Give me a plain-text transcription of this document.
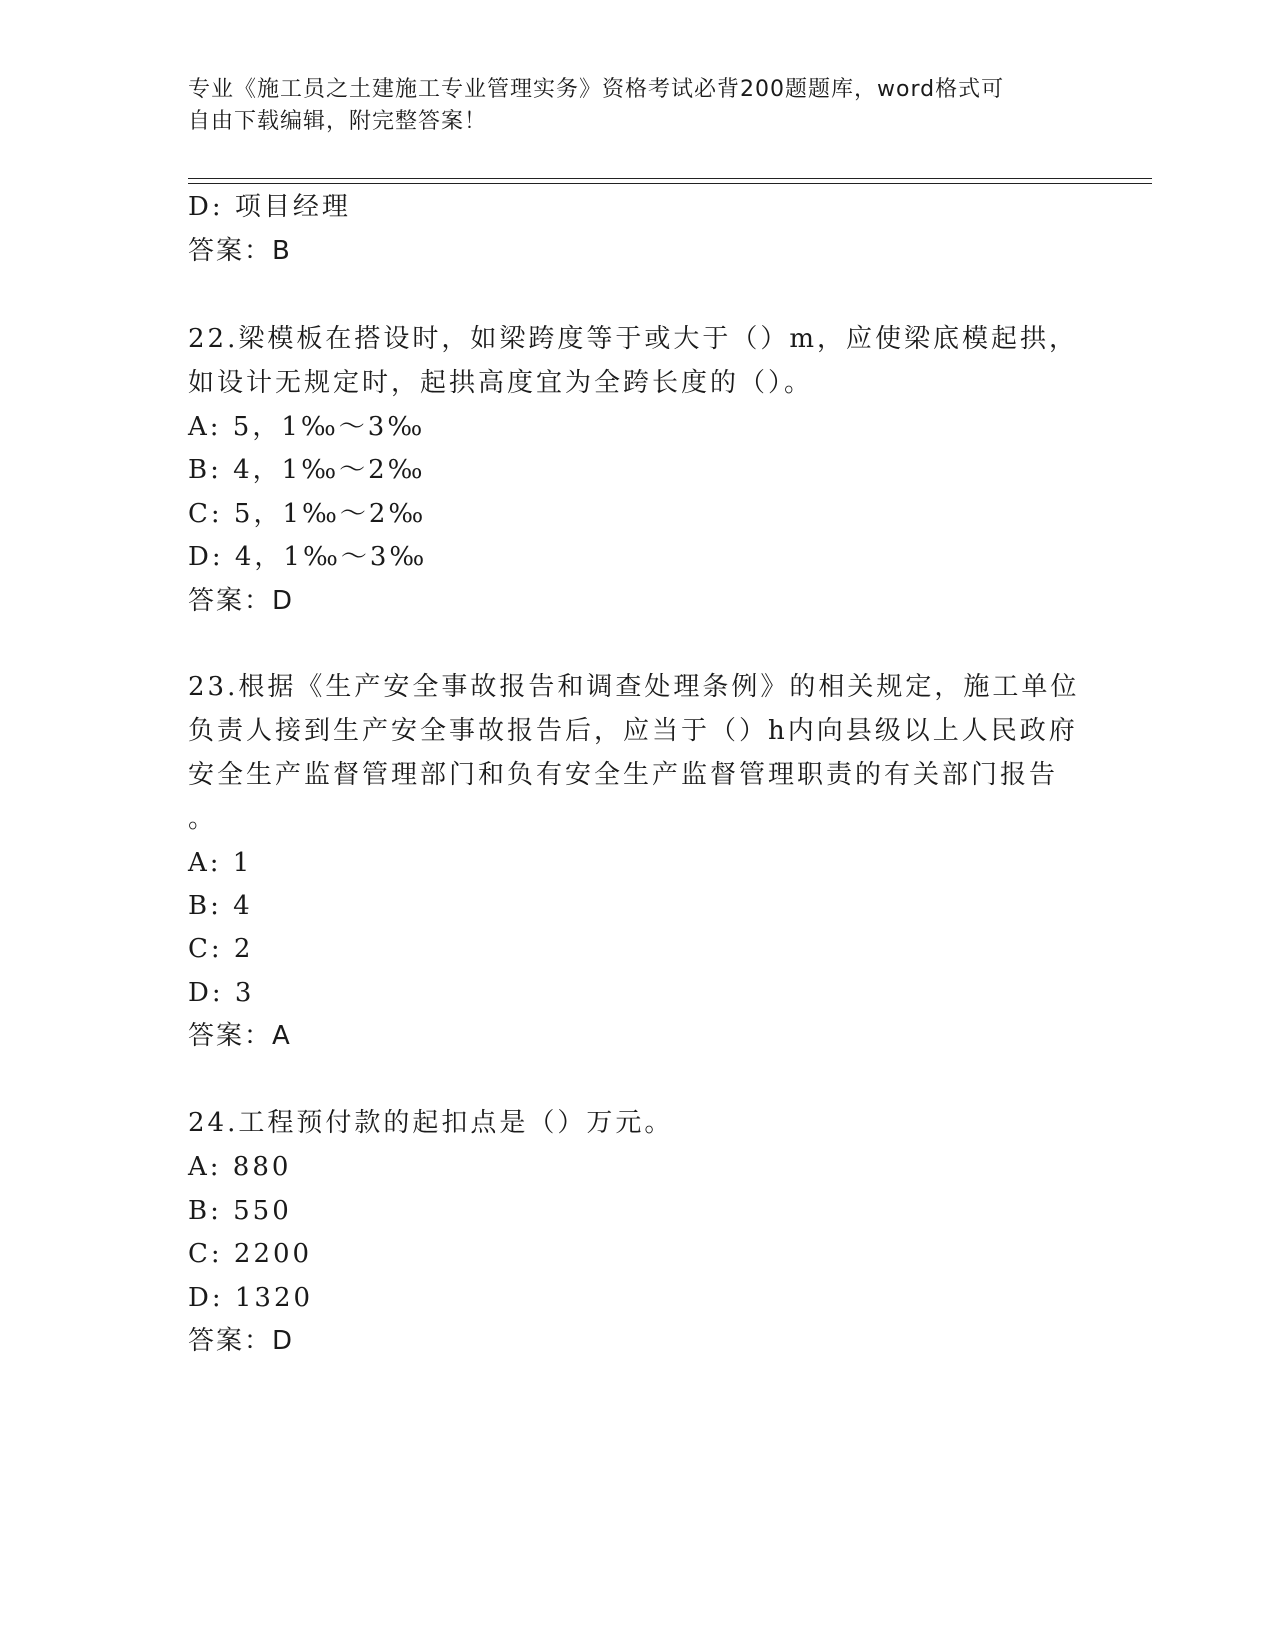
专业《施工员之土建施工专业管理实务》资格考试必背200题题库，word格式可
自由下载编辑，附完整答案！
D: 项目经理
答案：B
22.梁模板在搭设时，如梁跨度等于或大于（）m，应使梁底模起拱，
如设计无规定时，起拱高度宜为全跨长度的（）。
A: 5，1‰～3‰
B: 4，1‰～2‰
C: 5，1‰～2‰
D: 4，1‰～3‰
答案：D
23.根据《生产安全事故报告和调查处理条例》的相关规定，施工单位
负责人接到生产安全事故报告后，应当于（）h内向县级以上人民政府
安全生产监督管理部门和负有安全生产监督管理职责的有关部门报告
。
A: 1
B: 4
C: 2
D: 3
答案：A
24.工程预付款的起扣点是（）万元。
A: 880
B: 550
C: 2200
D: 1320
答案：D
